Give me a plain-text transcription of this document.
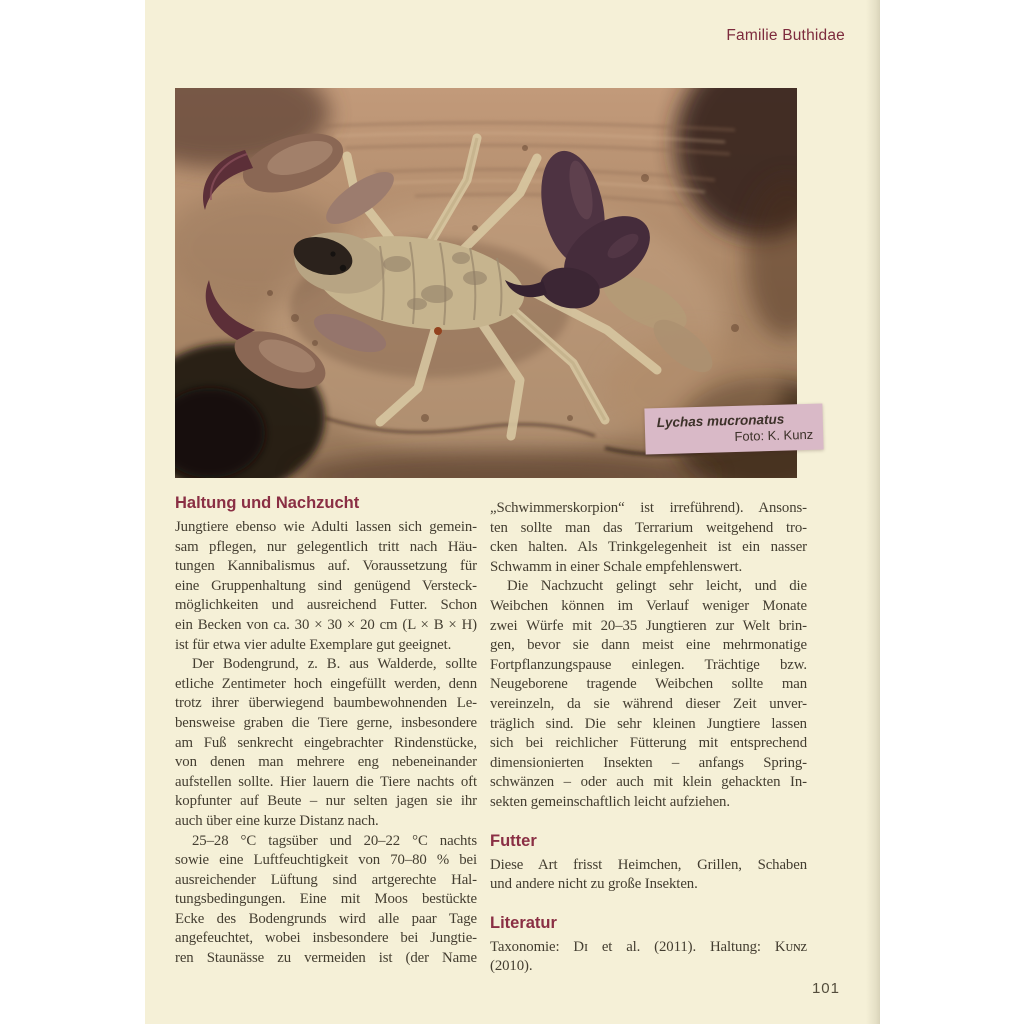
Familie Buthidae
Lychas mucronatus
Foto: K. Kunz
Haltung und Nachzucht
Jungtiere ebenso wie Adulti lassen sich gemein-
sam pflegen, nur gelegentlich tritt nach Häu-
tungen Kannibalismus auf. Voraussetzung für
eine Gruppenhaltung sind genügend Versteck-
möglichkeiten und ausreichend Futter. Schon
ein Becken von ca. 30 × 30 × 20 cm (L × B × H)
ist für etwa vier adulte Exemplare gut geeignet.
Der Bodengrund, z. B. aus Walderde, sollte
etliche Zentimeter hoch eingefüllt werden, denn
trotz ihrer überwiegend baumbewohnenden Le-
bensweise graben die Tiere gerne, insbesondere
am Fuß senkrecht eingebrachter Rindenstücke,
von denen man mehrere eng nebeneinander
aufstellen sollte. Hier lauern die Tiere nachts oft
kopfunter auf Beute – nur selten jagen sie ihr
auch über eine kurze Distanz nach.
25–28 °C tagsüber und 20–22 °C nachts
sowie eine Luftfeuchtigkeit von 70–80 % bei
ausreichender Lüftung sind artgerechte Hal-
tungsbedingungen. Eine mit Moos bestückte
Ecke des Bodengrunds wird alle paar Tage
angefeuchtet, wobei insbesondere bei Jungtie-
ren Staunässe zu vermeiden ist (der Name
„Schwimmerskorpion“ ist irreführend). Ansons-
ten sollte man das Terrarium weitgehend tro-
cken halten. Als Trinkgelegenheit ist ein nasser
Schwamm in einer Schale empfehlenswert.
Die Nachzucht gelingt sehr leicht, und die
Weibchen können im Verlauf weniger Monate
zwei Würfe mit 20–35 Jungtieren zur Welt brin-
gen, bevor sie dann meist eine mehrmonatige
Fortpflanzungspause einlegen. Trächtige bzw.
Neugeborene tragende Weibchen sollte man
vereinzeln, da sie während dieser Zeit unver-
träglich sind. Die sehr kleinen Jungtiere lassen
sich bei reichlicher Fütterung mit entsprechend
dimensionierten Insekten – anfangs Spring-
schwänzen – oder auch mit klein gehackten In-
sekten gemeinschaftlich leicht aufziehen.
Futter
Diese Art frisst Heimchen, Grillen, Schaben
und andere nicht zu große Insekten.
Literatur
Taxonomie: Dɪ et al. (2011). Haltung: Kᴜɴᴢ
(2010).
101
